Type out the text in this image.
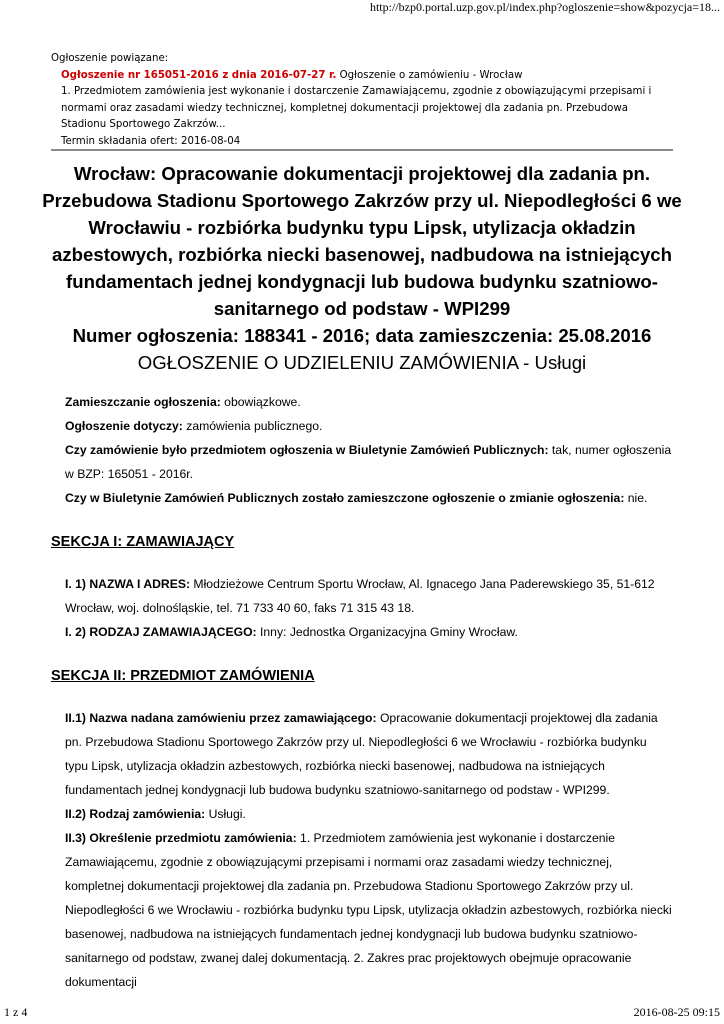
http://bzp0.portal.uzp.gov.pl/index.php?ogloszenie=show&pozycja=18...
Ogłoszenie powiązane:
Ogłoszenie nr 165051-2016 z dnia 2016-07-27 r. Ogłoszenie o zamówieniu - Wrocław
1. Przedmiotem zamówienia jest wykonanie i dostarczenie Zamawiającemu, zgodnie z obowiązującymi przepisami i normami oraz zasadami wiedzy technicznej, kompletnej dokumentacji projektowej dla zadania pn. Przebudowa Stadionu Sportowego Zakrzów...
Termin składania ofert: 2016-08-04
Wrocław: Opracowanie dokumentacji projektowej dla zadania pn. Przebudowa Stadionu Sportowego Zakrzów przy ul. Niepodległości 6 we Wrocławiu - rozbiórka budynku typu Lipsk, utylizacja okładzin azbestowych, rozbiórka niecki basenowej, nadbudowa na istniejących fundamentach jednej kondygnacji lub budowa budynku szatniowo-sanitarnego od podstaw - WPI299
Numer ogłoszenia: 188341 - 2016; data zamieszczenia: 25.08.2016
OGŁOSZENIE O UDZIELENIU ZAMÓWIENIA - Usługi

Zamieszczanie ogłoszenia: obowiązkowe.

Ogłoszenie dotyczy: zamówienia publicznego.

Czy zamówienie było przedmiotem ogłoszenia w Biuletynie Zamówień Publicznych: tak, numer ogłoszenia w BZP: 165051 - 2016r.

Czy w Biuletynie Zamówień Publicznych zostało zamieszczone ogłoszenie o zmianie ogłoszenia: nie.

SEKCJA I: ZAMAWIAJĄCY

I. 1) NAZWA I ADRES: Młodzieżowe Centrum Sportu Wrocław, Al. Ignacego Jana Paderewskiego 35, 51-612 Wrocław, woj. dolnośląskie, tel. 71 733 40 60, faks 71 315 43 18.

I. 2) RODZAJ ZAMAWIAJĄCEGO: Inny: Jednostka Organizacyjna Gminy Wrocław.

SEKCJA II: PRZEDMIOT ZAMÓWIENIA

II.1) Nazwa nadana zamówieniu przez zamawiającego: Opracowanie dokumentacji projektowej dla zadania pn. Przebudowa Stadionu Sportowego Zakrzów przy ul. Niepodległości 6 we Wrocławiu - rozbiórka budynku typu Lipsk, utylizacja okładzin azbestowych, rozbiórka niecki basenowej, nadbudowa na istniejących fundamentach jednej kondygnacji lub budowa budynku szatniowo-sanitarnego od podstaw - WPI299.

II.2) Rodzaj zamówienia: Usługi.

II.3) Określenie przedmiotu zamówienia: 1. Przedmiotem zamówienia jest wykonanie i dostarczenie Zamawiającemu, zgodnie z obowiązującymi przepisami i normami oraz zasadami wiedzy technicznej, kompletnej dokumentacji projektowej dla zadania pn. Przebudowa Stadionu Sportowego Zakrzów przy ul. Niepodległości 6 we Wrocławiu - rozbiórka budynku typu Lipsk, utylizacja okładzin azbestowych, rozbiórka niecki basenowej, nadbudowa na istniejących fundamentach jednej kondygnacji lub budowa budynku szatniowo-sanitarnego od podstaw, zwanej dalej dokumentacją. 2. Zakres prac projektowych obejmuje opracowanie dokumentacji

1 z 4	2016-08-25 09:15
